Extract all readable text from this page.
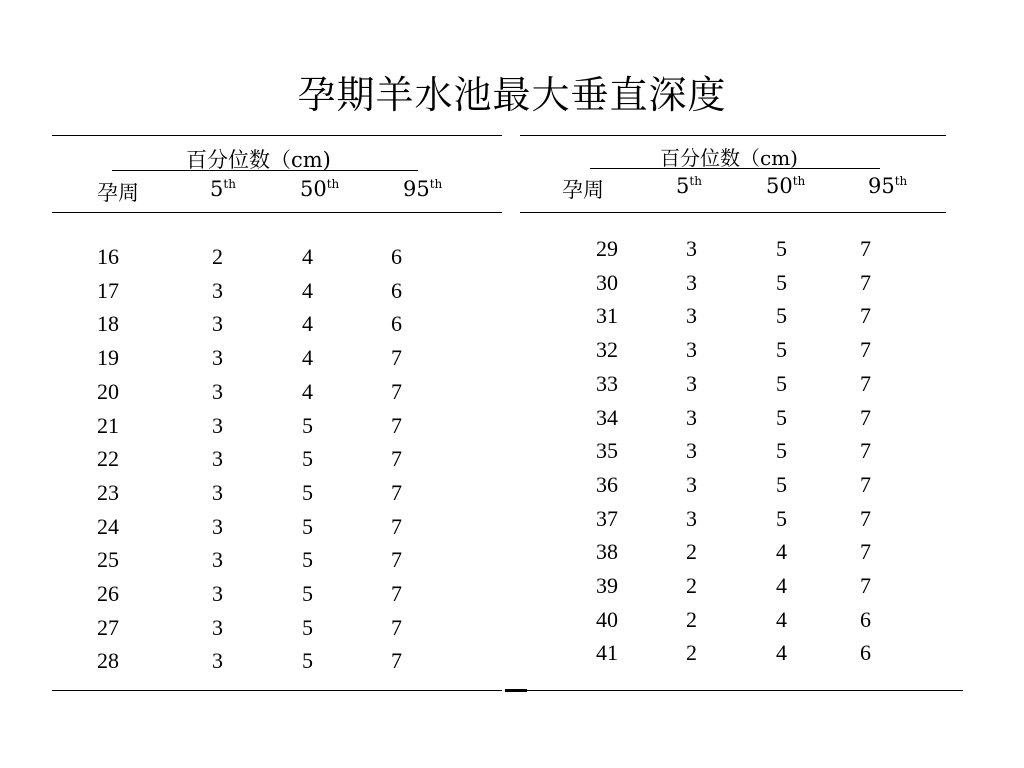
孕期羊水池最大垂直深度
百分位数（cm)
孕周	5th	50th	95th
百分位数（cm)
孕周	5th	50th	95th
16	2	4	6
17	3	4	6
18	3	4	6
19	3	4	7
20	3	4	7
21	3	5	7
22	3	5	7
23	3	5	7
24	3	5	7
25	3	5	7
26	3	5	7
27	3	5	7
28	3	5	7
29	3	5	7
30	3	5	7
31	3	5	7
32	3	5	7
33	3	5	7
34	3	5	7
35	3	5	7
36	3	5	7
37	3	5	7
38	2	4	7
39	2	4	7
40	2	4	6
41	2	4	6
